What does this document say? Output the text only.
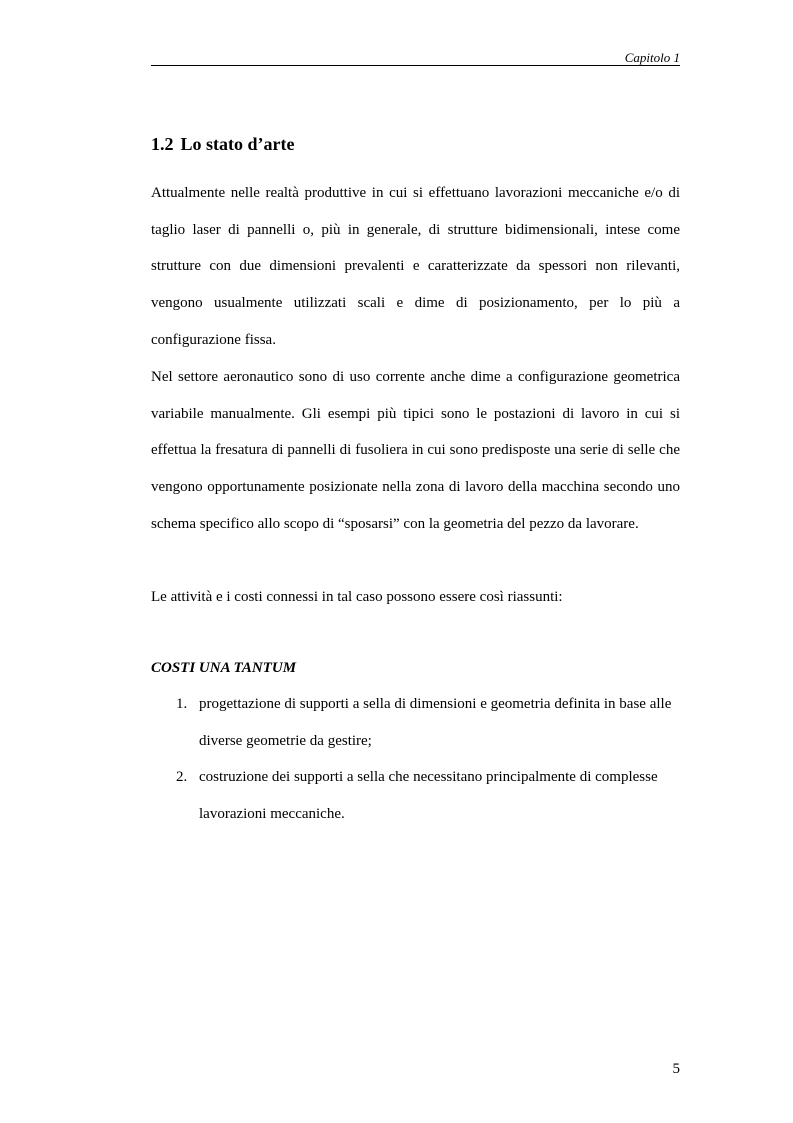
Capitolo 1
1.2 Lo stato d’arte

Attualmente nelle realtà produttive in cui si effettuano lavorazioni meccaniche e/o di taglio laser di pannelli o, più in generale, di strutture bidimensionali, intese come strutture con due dimensioni prevalenti e caratterizzate da spessori non rilevanti, vengono usualmente utilizzati scali e dime di posizionamento, per lo più a configurazione fissa.

Nel settore aeronautico sono di uso corrente anche dime a configurazione geometrica variabile manualmente. Gli esempi più tipici sono le postazioni di lavoro in cui si effettua la fresatura di pannelli di fusoliera in cui sono predisposte una serie di selle che vengono opportunamente posizionate nella zona di lavoro della macchina secondo uno schema specifico allo scopo di “sposarsi” con la geometria del pezzo da lavorare.

Le attività e i costi connessi in tal caso possono essere così riassunti:

COSTI UNA TANTUM
1. progettazione di supporti a sella di dimensioni e geometria definita in base alle diverse geometrie da gestire;
2. costruzione dei supporti a sella che necessitano principalmente di complesse lavorazioni meccaniche.
5
